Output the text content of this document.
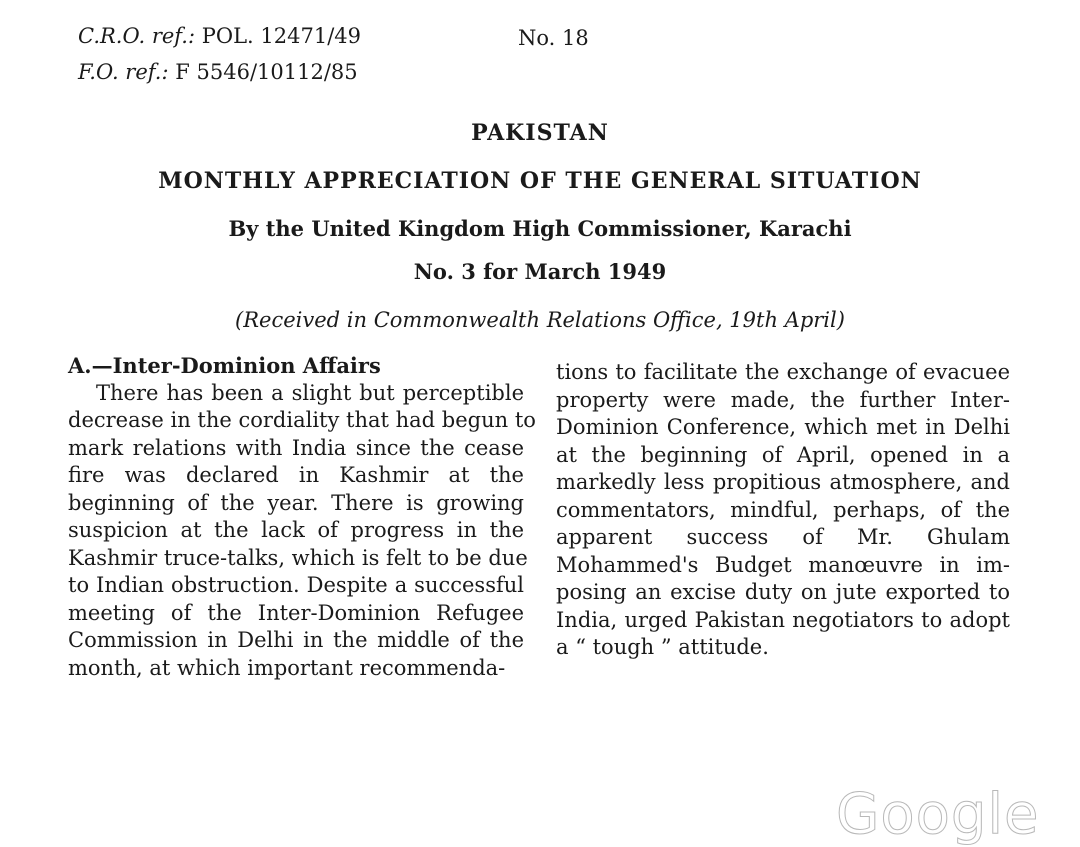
C.R.O. ref.: POL. 12471/49
F.O. ref.: F 5546/10112/85
No. 18
PAKISTAN
MONTHLY APPRECIATION OF THE GENERAL SITUATION
By the United Kingdom High Commissioner, Karachi
No. 3 for March 1949
(Received in Commonwealth Relations Office, 19th April)
A.—Inter-Dominion Affairs
There has been a slight but perceptible
decrease in the cordiality that had begun to
mark relations with India since the cease
fire was declared in Kashmir at the
beginning of the year. There is growing
suspicion at the lack of progress in the
Kashmir truce-talks, which is felt to be due
to Indian obstruction. Despite a successful
meeting of the Inter-Dominion Refugee
Commission in Delhi in the middle of the
month, at which important recommenda-
tions to facilitate the exchange of evacuee
property were made, the further Inter-
Dominion Conference, which met in Delhi
at the beginning of April, opened in a
markedly less propitious atmosphere, and
commentators, mindful, perhaps, of the
apparent success of Mr. Ghulam
Mohammed's Budget manœuvre in im-
posing an excise duty on jute exported to
India, urged Pakistan negotiators to adopt
a “ tough ” attitude.
Google
